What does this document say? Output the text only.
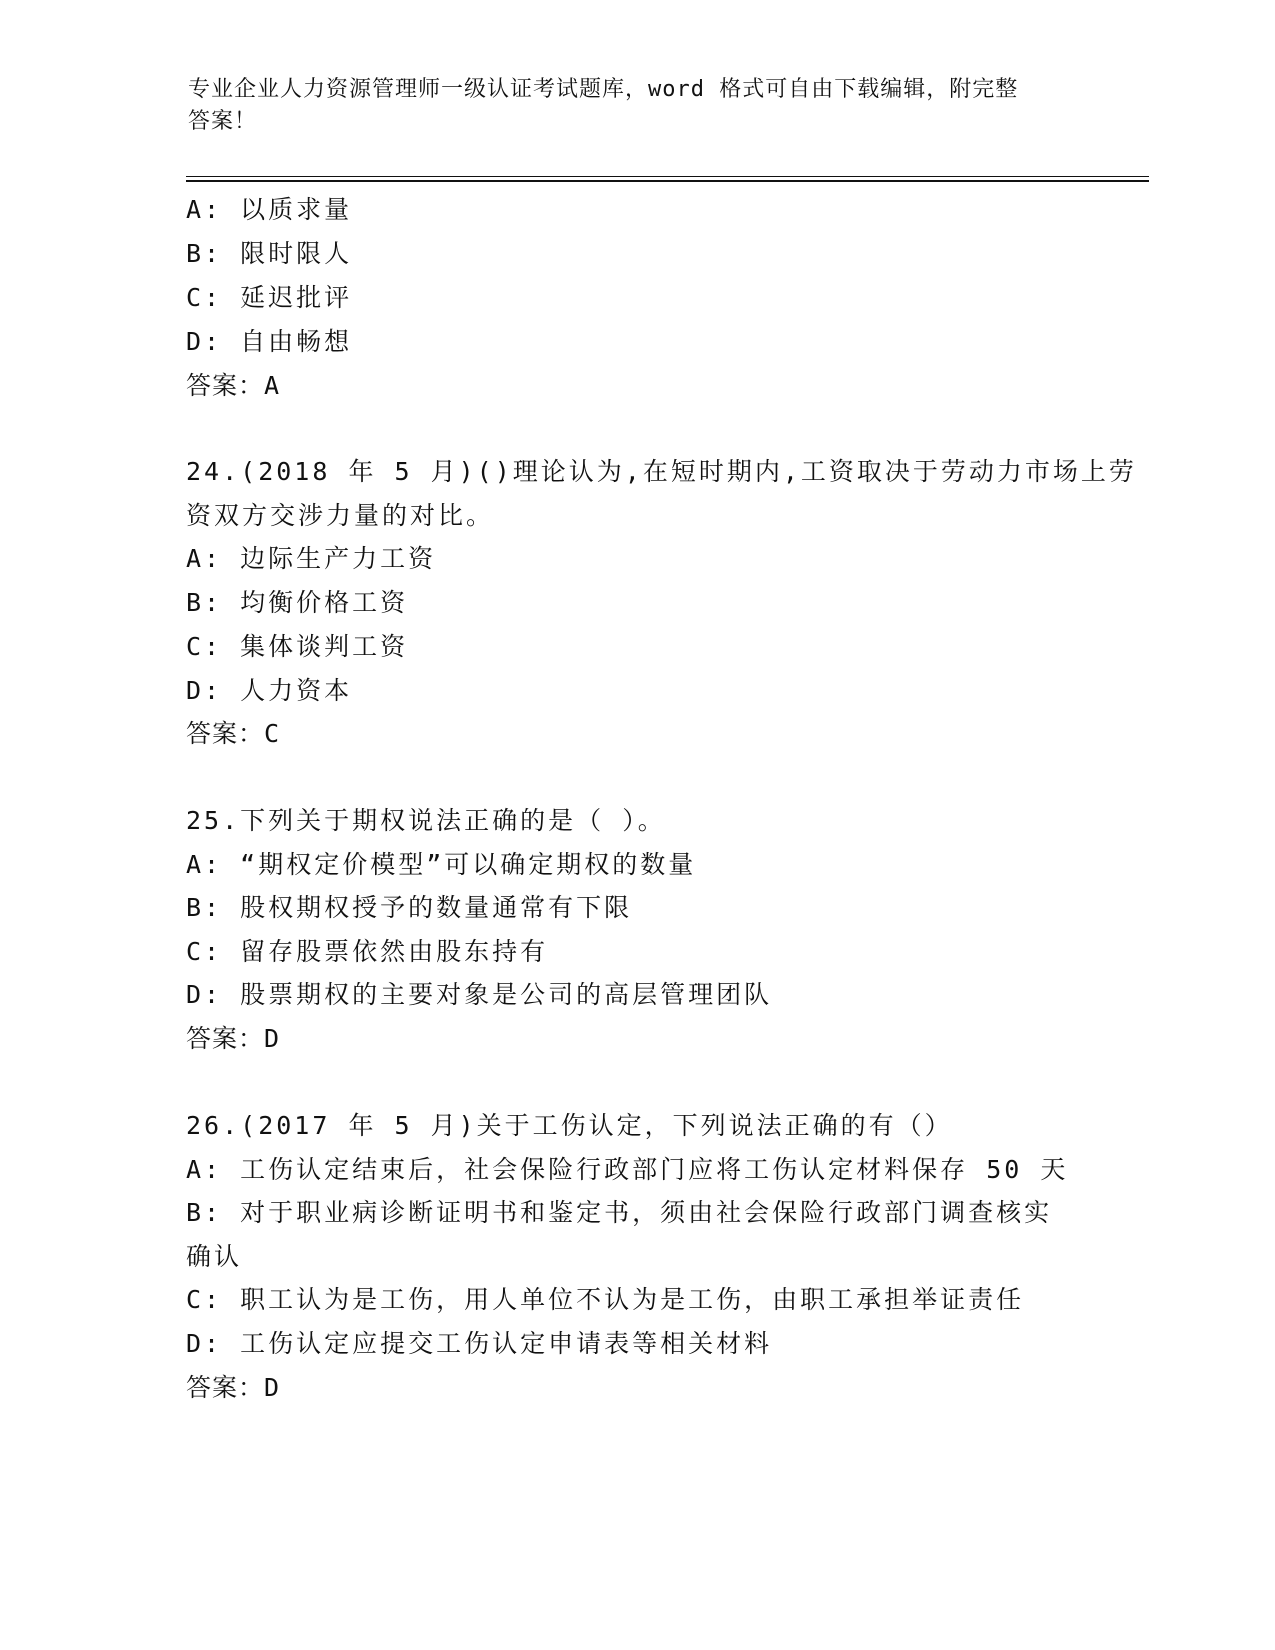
专业企业人力资源管理师一级认证考试题库，word 格式可自由下载编辑，附完整
答案！
A: 以质求量
B: 限时限人
C: 延迟批评
D: 自由畅想
答案：A
24.(2018 年 5 月)()理论认为,在短时期内,工资取决于劳动力市场上劳
资双方交涉力量的对比。
A: 边际生产力工资
B: 均衡价格工资
C: 集体谈判工资
D: 人力资本
答案：C
25.下列关于期权说法正确的是（ ）。
A: “期权定价模型”可以确定期权的数量
B: 股权期权授予的数量通常有下限
C: 留存股票依然由股东持有
D: 股票期权的主要对象是公司的高层管理团队
答案：D
26.(2017 年 5 月)关于工伤认定，下列说法正确的有（）
A: 工伤认定结束后，社会保险行政部门应将工伤认定材料保存 50 天
B: 对于职业病诊断证明书和鉴定书，须由社会保险行政部门调查核实
确认
C: 职工认为是工伤，用人单位不认为是工伤，由职工承担举证责任
D: 工伤认定应提交工伤认定申请表等相关材料
答案：D
